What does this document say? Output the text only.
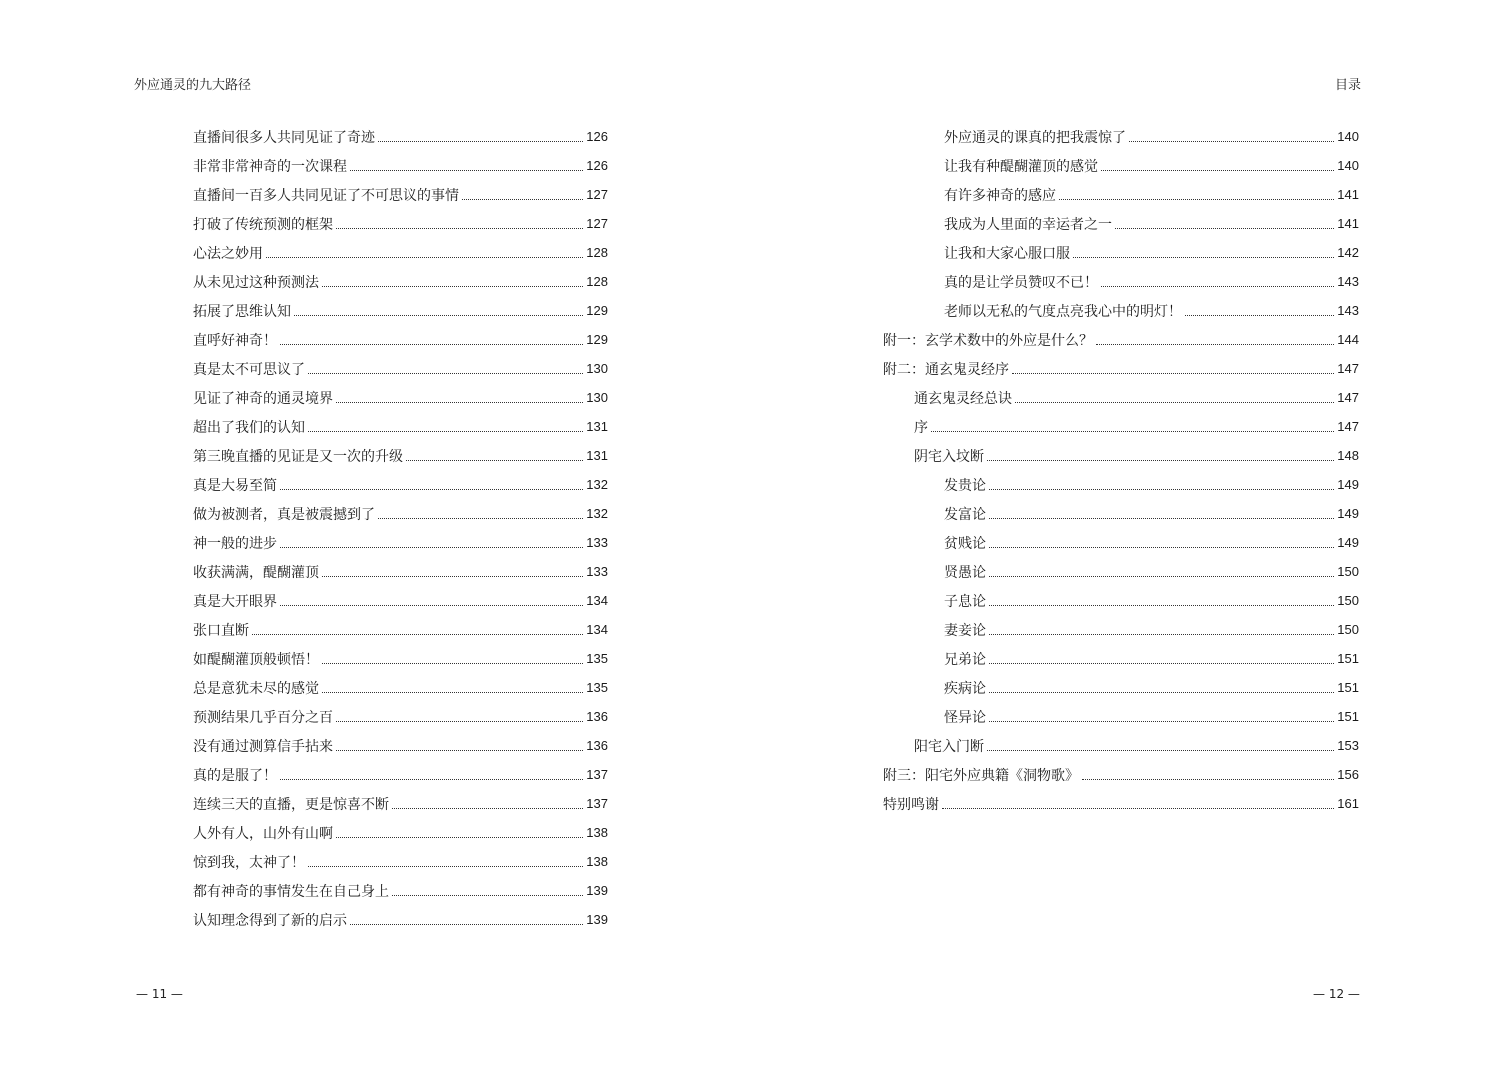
外应通灵的九大路径
直播间很多人共同见证了奇迹	126
非常非常神奇的一次课程	126
直播间一百多人共同见证了不可思议的事情	127
打破了传统预测的框架	127
心法之妙用	128
从未见过这种预测法	128
拓展了思维认知	129
直呼好神奇！	129
真是太不可思议了	130
见证了神奇的通灵境界	130
超出了我们的认知	131
第三晚直播的见证是又一次的升级	131
真是大易至简	132
做为被测者，真是被震撼到了	132
神一般的进步	133
收获满满，醍醐灌顶	133
真是大开眼界	134
张口直断	134
如醍醐灌顶般顿悟！	135
总是意犹未尽的感觉	135
预测结果几乎百分之百	136
没有通过测算信手拈来	136
真的是服了！	137
连续三天的直播，更是惊喜不断	137
人外有人，山外有山啊	138
惊到我，太神了！	138
都有神奇的事情发生在自己身上	139
认知理念得到了新的启示	139
— 11 —
目录
外应通灵的课真的把我震惊了	140
让我有种醍醐灌顶的感觉	140
有许多神奇的感应	141
我成为人里面的幸运者之一	141
让我和大家心服口服	142
真的是让学员赞叹不已！	143
老师以无私的气度点亮我心中的明灯！	143
附一：玄学术数中的外应是什么？	144
附二：通玄鬼灵经序	147
通玄鬼灵经总诀	147
序	147
阴宅入坟断	148
发贵论	149
发富论	149
贫贱论	149
贤愚论	150
子息论	150
妻妾论	150
兄弟论	151
疾病论	151
怪异论	151
阳宅入门断	153
附三：阳宅外应典籍《洞物歌》	156
特别鸣谢	161
— 12 —
